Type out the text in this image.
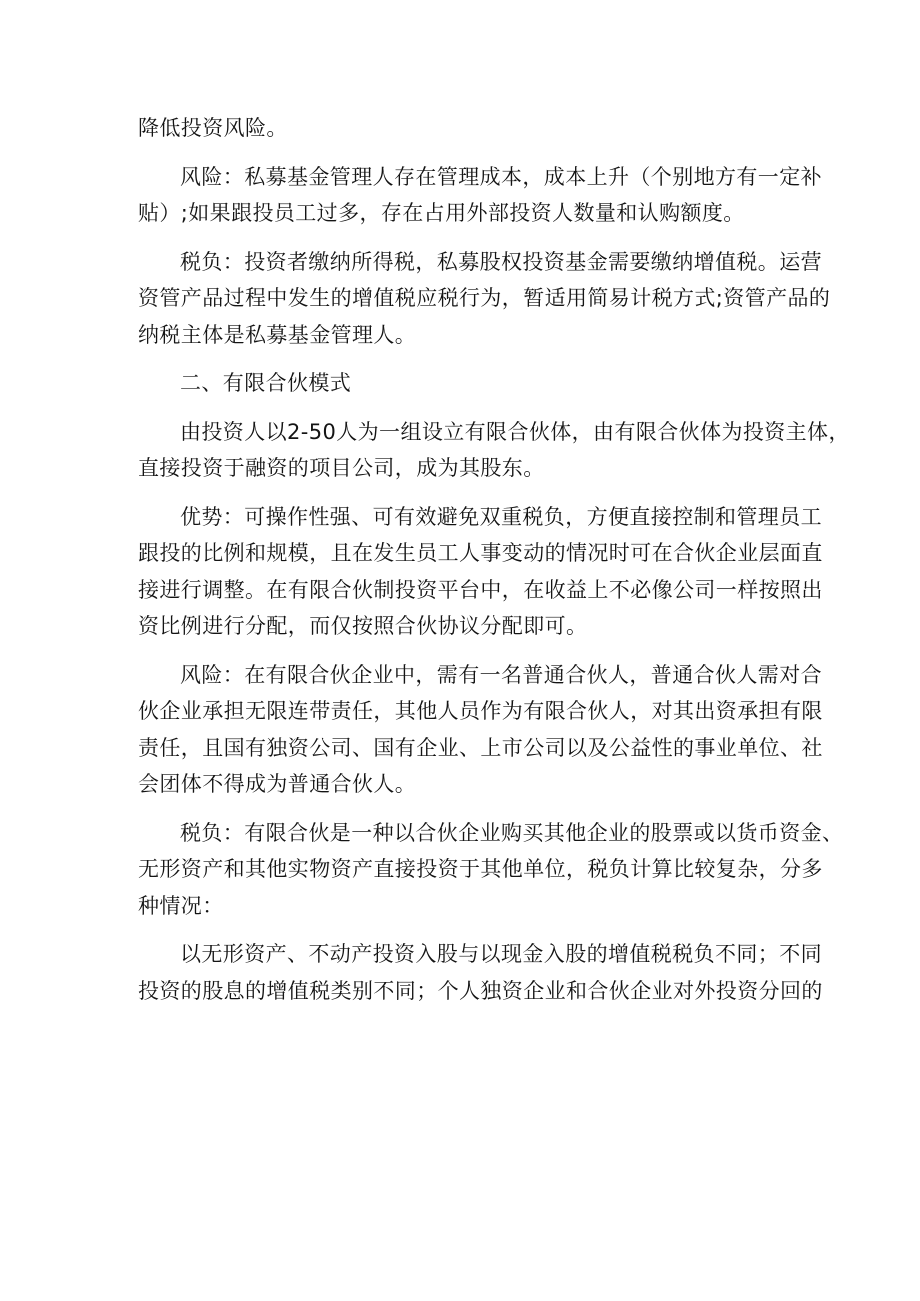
降低投资风险。
风险：私募基金管理人存在管理成本，成本上升（个别地方有一定补
贴）;如果跟投员工过多，存在占用外部投资人数量和认购额度。
税负：投资者缴纳所得税，私募股权投资基金需要缴纳增值税。运营
资管产品过程中发生的增值税应税行为，暂适用简易计税方式;资管产品的
纳税主体是私募基金管理人。
二、有限合伙模式
由投资人以2-50人为一组设立有限合伙体，由有限合伙体为投资主体，
直接投资于融资的项目公司，成为其股东。
优势：可操作性强、可有效避免双重税负，方便直接控制和管理员工
跟投的比例和规模，且在发生员工人事变动的情况时可在合伙企业层面直
接进行调整。在有限合伙制投资平台中，在收益上不必像公司一样按照出
资比例进行分配，而仅按照合伙协议分配即可。
风险：在有限合伙企业中，需有一名普通合伙人，普通合伙人需对合
伙企业承担无限连带责任，其他人员作为有限合伙人，对其出资承担有限
责任，且国有独资公司、国有企业、上市公司以及公益性的事业单位、社
会团体不得成为普通合伙人。
税负：有限合伙是一种以合伙企业购买其他企业的股票或以货币资金、
无形资产和其他实物资产直接投资于其他单位，税负计算比较复杂，分多
种情况：
以无形资产、不动产投资入股与以现金入股的增值税税负不同；不同
投资的股息的增值税类别不同；个人独资企业和合伙企业对外投资分回的
